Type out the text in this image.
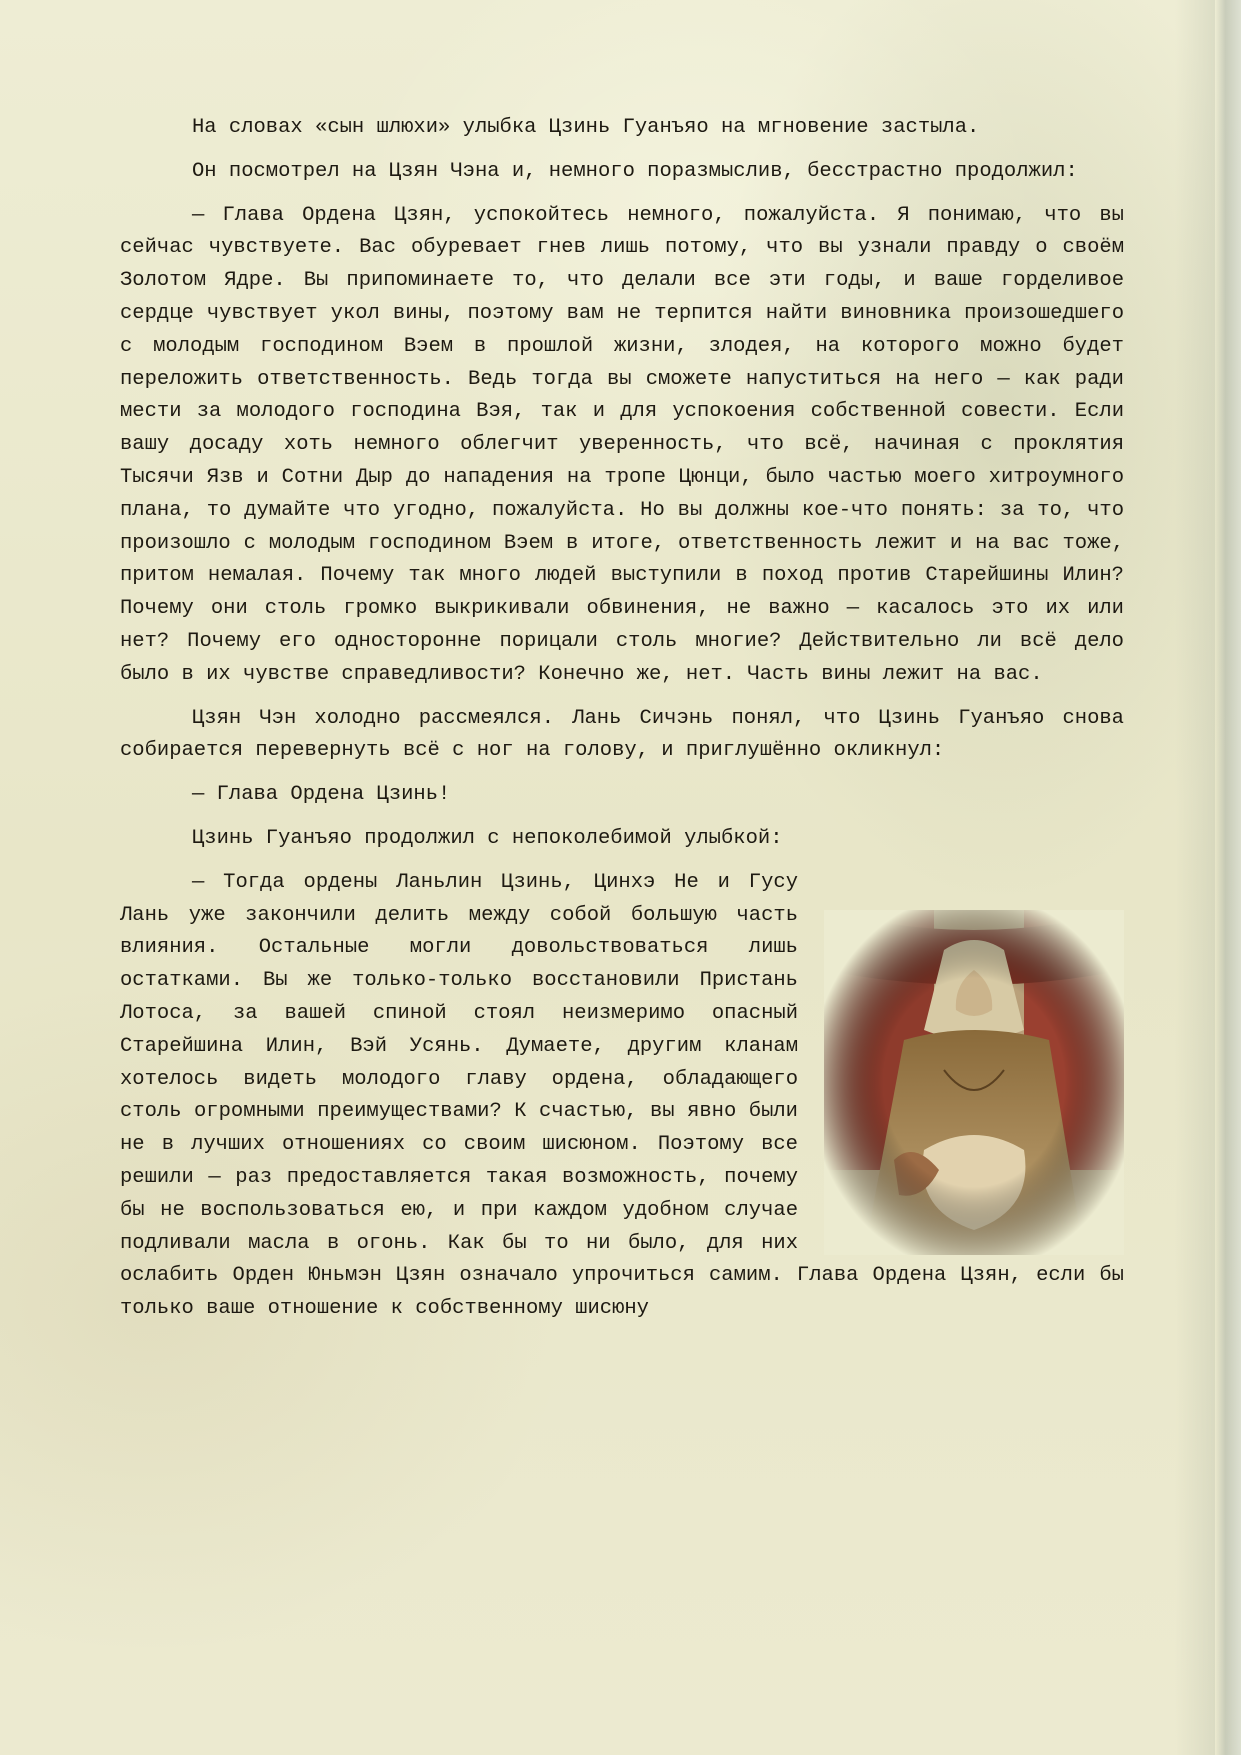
На словах «сын шлюхи» улыбка Цзинь Гуанъяо на мгновение застыла.

Он посмотрел на Цзян Чэна и, немного поразмыслив, бесстрастно продолжил:

— Глава Ордена Цзян, успокойтесь немного, пожалуйста. Я понимаю, что вы сейчас чувствуете. Вас обуревает гнев лишь потому, что вы узнали правду о своём Золотом Ядре. Вы припоминаете то, что делали все эти годы, и ваше горделивое сердце чувствует укол вины, поэтому вам не терпится найти виновника произошедшего с молодым господином Вэем в прошлой жизни, злодея, на которого можно будет переложить ответственность. Ведь тогда вы сможете напуститься на него — как ради мести за молодого господина Вэя, так и для успокоения собственной совести. Если вашу досаду хоть немного облегчит уверенность, что всё, начиная с проклятия Тысячи Язв и Сотни Дыр до нападения на тропе Цюнци, было частью моего хитроумного плана, то думайте что угодно, пожалуйста. Но вы должны кое-что понять: за то, что произошло с молодым господином Вэем в итоге, ответственность лежит и на вас тоже, притом немалая. Почему так много людей выступили в поход против Старейшины Илин? Почему они столь громко выкрикивали обвинения, не важно — касалось это их или нет? Почему его односторонне порицали столь многие? Действительно ли всё дело было в их чувстве справедливости? Конечно же, нет. Часть вины лежит на вас.

Цзян Чэн холодно рассмеялся. Лань Сичэнь понял, что Цзинь Гуанъяо снова собирается перевернуть всё с ног на голову, и приглушённо окликнул:

— Глава Ордена Цзинь!

Цзинь Гуанъяо продолжил с непоколебимой улыбкой:

— Тогда ордены Ланьлин Цзинь, Цинхэ Не и Гусу Лань уже закончили делить между собой большую часть влияния. Остальные могли довольствоваться лишь остатками. Вы же только-только восстановили Пристань Лотоса, за вашей спиной стоял неизмеримо опасный Старейшина Илин, Вэй Усянь. Думаете, другим кланам хотелось видеть молодого главу ордена, обладающего столь огромными преимуществами? К счастью, вы явно были не в лучших отношениях со своим шисюном. Поэтому все решили — раз предоставляется такая возможность, почему бы не воспользоваться ею, и при каждом удобном случае подливали масла в огонь. Как бы то ни было, для них ослабить Орден Юньмэн Цзян означало упрочиться самим. Глава Ордена Цзян, если бы только ваше отношение к собственному шисюну
